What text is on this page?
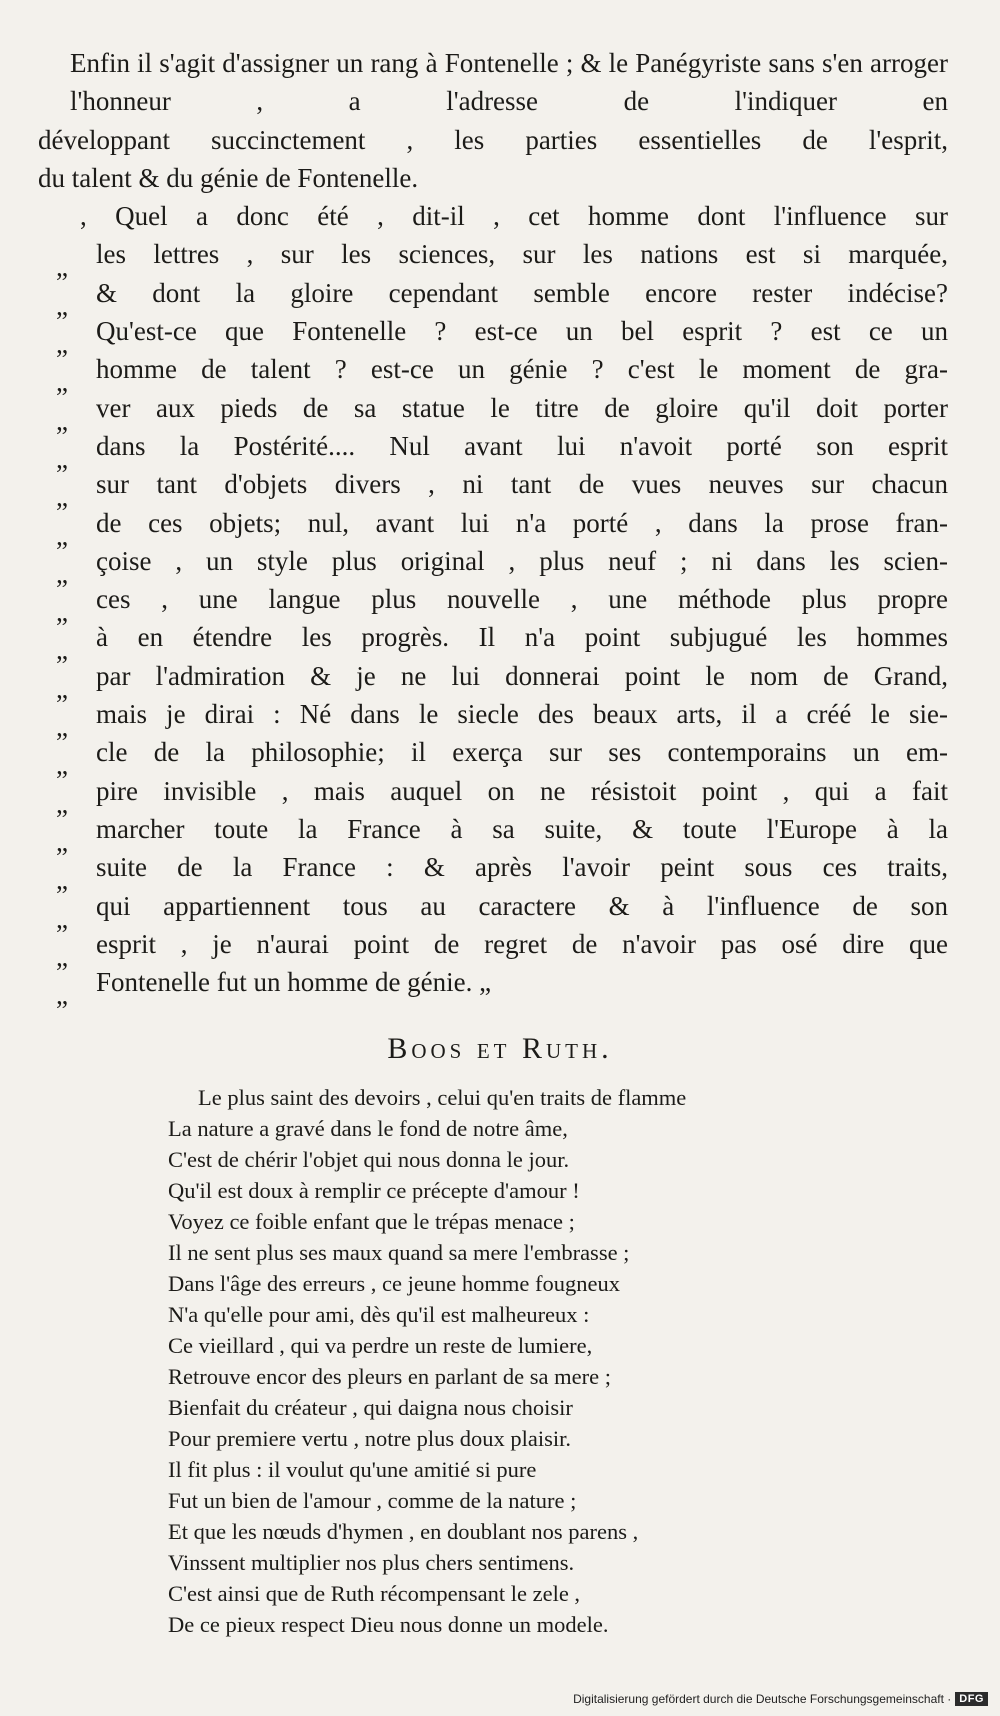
Enfin il s'agit d'assigner un rang à Fontenelle ; & le Panégyriste sans s'en arroger l'honneur , a l'adresse de l'indiquer en
développant succinctement , les parties essentielles de l'esprit,
du talent & du génie de Fontenelle.
, Quel a donc été , dit-il , cet homme dont l'influence sur
„ les lettres , sur les sciences, sur les nations est si marquée,
„ & dont la gloire cependant semble encore rester indécise?
„ Qu'est-ce que Fontenelle ? est-ce un bel esprit ? est ce un
„ homme de talent ? est-ce un génie ? c'est le moment de gra-
„ ver aux pieds de sa statue le titre de gloire qu'il doit porter
„ dans la Postérité.... Nul avant lui n'avoit porté son esprit
„ sur tant d'objets divers , ni tant de vues neuves sur chacun
„ de ces objets; nul, avant lui n'a porté , dans la prose fran-
„ çoise , un style plus original , plus neuf ; ni dans les scien-
„ ces , une langue plus nouvelle , une méthode plus propre
„ à en étendre les progrès. Il n'a point subjugué les hommes
„ par l'admiration & je ne lui donnerai point le nom de Grand,
„ mais je dirai : Né dans le siecle des beaux arts, il a créé le sie-
„ cle de la philosophie; il exerça sur ses contemporains un em-
„ pire invisible , mais auquel on ne résistoit point , qui a fait
„ marcher toute la France à sa suite, & toute l'Europe à la
„ suite de la France : & après l'avoir peint sous ces traits,
„ qui appartiennent tous au caractere & à l'influence de son
„ esprit , je n'aurai point de regret de n'avoir pas osé dire que
„ Fontenelle fut un homme de génie. „
Boos et Ruth.
Le plus saint des devoirs , celui qu'en traits de flamme
La nature a gravé dans le fond de notre âme,
C'est de chérir l'objet qui nous donna le jour.
Qu'il est doux à remplir ce précepte d'amour !
Voyez ce foible enfant que le trépas menace ;
Il ne sent plus ses maux quand sa mere l'embrasse ;
Dans l'âge des erreurs , ce jeune homme fougneux
N'a qu'elle pour ami, dès qu'il est malheureux :
Ce vieillard , qui va perdre un reste de lumiere,
Retrouve encor des pleurs en parlant de sa mere ;
Bienfait du créateur , qui daigna nous choisir
Pour premiere vertu , notre plus doux plaisir.
Il fit plus : il voulut qu'une amitié si pure
Fut un bien de l'amour , comme de la nature ;
Et que les nœuds d'hymen , en doublant nos parens ,
Vinssent multiplier nos plus chers sentimens.
C'est ainsi que de Ruth récompensant le zele ,
De ce pieux respect Dieu nous donne un modele.
Digitalisierung gefördert durch die Deutsche Forschungsgemeinschaft · DFG
